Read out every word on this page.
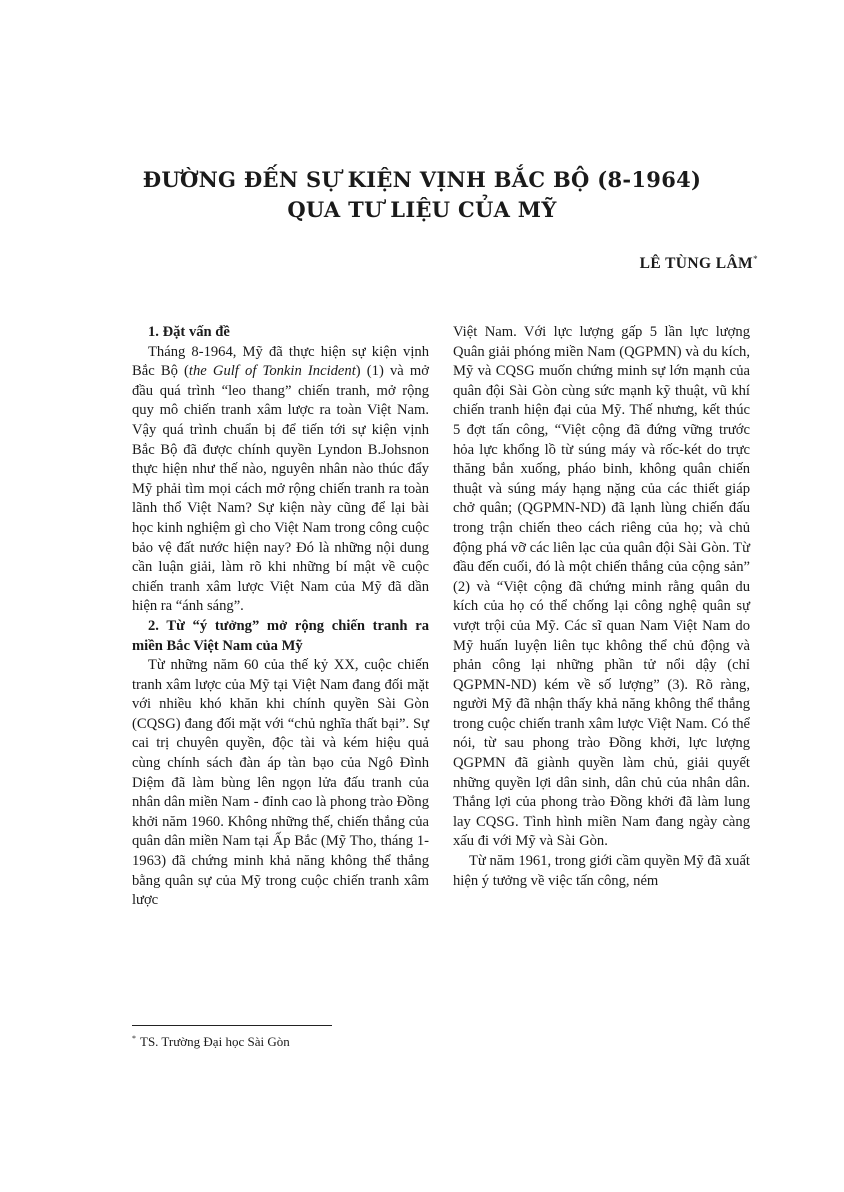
ĐƯỜNG ĐẾN SỰ KIỆN VỊNH BẮC BỘ (8-1964)
QUA TƯ LIỆU CỦA MỸ
LÊ TÙNG LÂM*
1. Đặt vấn đề

Tháng 8-1964, Mỹ đã thực hiện sự kiện vịnh Bắc Bộ (the Gulf of Tonkin Incident) (1) và mở đầu quá trình “leo thang” chiến tranh, mở rộng quy mô chiến tranh xâm lược ra toàn Việt Nam. Vậy quá trình chuẩn bị để tiến tới sự kiện vịnh Bắc Bộ đã được chính quyền Lyndon B.Johsnon thực hiện như thế nào, nguyên nhân nào thúc đẩy Mỹ phải tìm mọi cách mở rộng chiến tranh ra toàn lãnh thổ Việt Nam? Sự kiện này cũng để lại bài học kinh nghiệm gì cho Việt Nam trong công cuộc bảo vệ đất nước hiện nay? Đó là những nội dung cần luận giải, làm rõ khi những bí mật về cuộc chiến tranh xâm lược Việt Nam của Mỹ đã dần hiện ra “ánh sáng”.

2. Từ “ý tưởng” mở rộng chiến tranh ra miền Bắc Việt Nam của Mỹ

Từ những năm 60 của thế kỷ XX, cuộc chiến tranh xâm lược của Mỹ tại Việt Nam đang đối mặt với nhiều khó khăn khi chính quyền Sài Gòn (CQSG) đang đối mặt với “chủ nghĩa thất bại”. Sự cai trị chuyên quyền, độc tài và kém hiệu quả cùng chính sách đàn áp tàn bạo của Ngô Đình Diệm đã làm bùng lên ngọn lửa đấu tranh của nhân dân miền Nam - đỉnh cao là phong trào Đồng khởi năm 1960. Không những thế, chiến thắng của quân dân miền Nam tại Ấp Bắc (Mỹ Tho, tháng 1-1963) đã chứng minh khả năng không thể thắng bằng quân sự của Mỹ trong cuộc chiến tranh xâm lược

Việt Nam. Với lực lượng gấp 5 lần lực lượng Quân giải phóng miền Nam (QGPMN) và du kích, Mỹ và CQSG muốn chứng minh sự lớn mạnh của quân đội Sài Gòn cùng sức mạnh kỹ thuật, vũ khí chiến tranh hiện đại của Mỹ. Thế nhưng, kết thúc 5 đợt tấn công, “Việt cộng đã đứng vững trước hỏa lực khổng lồ từ súng máy và rốc-két do trực thăng bắn xuống, pháo binh, không quân chiến thuật và súng máy hạng nặng của các thiết giáp chở quân; (QGPMN-ND) đã lạnh lùng chiến đấu trong trận chiến theo cách riêng của họ; và chủ động phá vỡ các liên lạc của quân đội Sài Gòn. Từ đầu đến cuối, đó là một chiến thắng của cộng sản” (2) và “Việt cộng đã chứng minh rằng quân du kích của họ có thể chống lại công nghệ quân sự vượt trội của Mỹ. Các sĩ quan Nam Việt Nam do Mỹ huấn luyện liên tục không thể chủ động và phản công lại những phần tử nổi dậy (chỉ QGPMN-ND) kém về số lượng” (3). Rõ ràng, người Mỹ đã nhận thấy khả năng không thể thắng trong cuộc chiến tranh xâm lược Việt Nam. Có thể nói, từ sau phong trào Đồng khởi, lực lượng QGPMN đã giành quyền làm chủ, giải quyết những quyền lợi dân sinh, dân chủ của nhân dân. Thắng lợi của phong trào Đồng khởi đã làm lung lay CQSG. Tình hình miền Nam đang ngày càng xấu đi với Mỹ và Sài Gòn.

Từ năm 1961, trong giới cầm quyền Mỹ đã xuất hiện ý tưởng về việc tấn công, ném

* TS. Trường Đại học Sài Gòn
